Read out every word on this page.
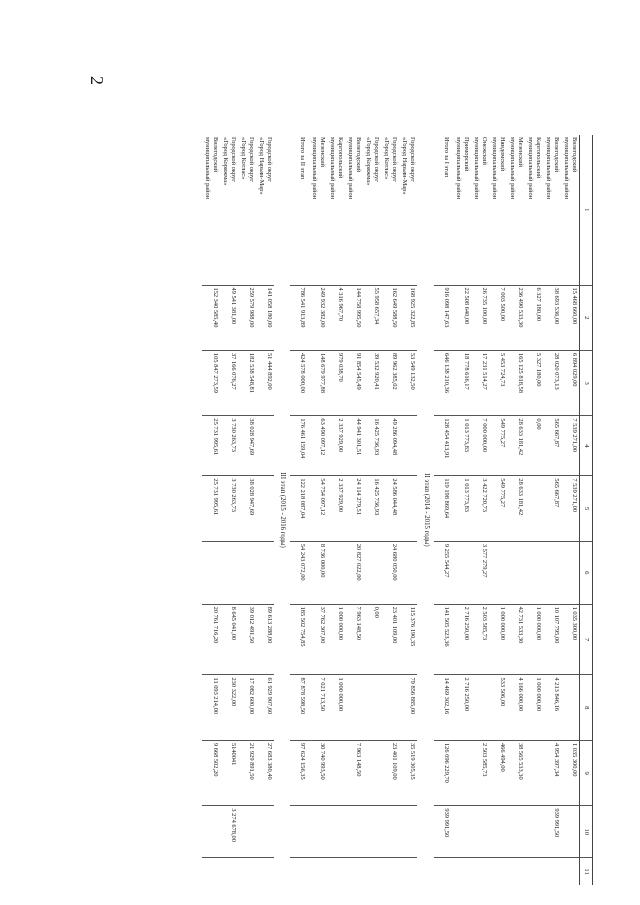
2
1	2	3	4	5	6	7	8	9	10	11
Вилегодский
муниципальный район	15 468 660,00	6 894 029,00	7 539 271,00	7 539 271,00		1 035 300,00		1 035 300,00		
Вилегодский
муниципальный район	38 693 536,00	28 020 073,13	565 667,87	565 667,87		10 107 795,00	4 213 846,16	4 954 397,34	939 991,50	
Каргопольский
муниципальный район	6 327 180,00	5 327 180,00	0,00			1 000 000,00	1 000 000,00			
Мезенский
муниципальный район	236 490 533,30	165 125 818,58	28 633 181,42	28 633 181,42		42 731 533,30	4 166 000,00	38 565 533,30		
Няндомский
муниципальный район	7 003 500,00	5 453 724,73	549 775,27	549 775,27		1 000 000,00	533 506,00	466 494,00		
Онежский
муниципальный район	26 735 100,00	17 231 514,27	7 000 000,00	3 422 720,73	3 577 279,27	2 503 585,73		2 503 585,73		
Приморский
муниципальный район	22 508 640,00	18 778 616,17	1 013 773,83	1 013 773,83		2 716 250,00	2 716 250,00			
Итого за I этап	916 098 147,63	646 138 210,36	128 454 413,91	119 198 869,64	9 255 544,27	141 505 523,36	14 469 302,16	126 096 229,70	939 991,50	
II этап (2014 - 2015 годы)										
Городской округ
«Город Нарьян-Мар»	168 925 322,85	53 549 132,50				115 376 190,35	79 856 885,00	35 519 305,35		
Городской округ
«Город Котлас»	162 649 588,50	89 962 385,02	49 286 094,48	24 586 044,48	24 680 050,00	23 401 109,00		23 401 109,00		
Городской округ
«Город Коряжма»	55 958 657,34	39 532 920,41	16 425 736,93	16 425 736,93		0,00				
Вилегодский
муниципальный район	144 758 995,50	91 854 545,49	44 941 301,51	24 114 279,51	20 827 022,00	7 963 148,50		7 963 148,50		
Каргопольский
муниципальный район	4 316 967,70	979 038,70	2 337 929,00	2 337 929,00		1 000 000,00	1 000 000,00			
Мезенский
муниципальный район	249 932 382,00	148 679 977,88	63 490 097,12	54 754 097,12	8 736 000,00	37 762 307,00	7 021 713,50	30 740 993,50		
Итого за II этап	786 541 913,89	424 578 000,00	176 461 159,04	122 218 087,04	54 243 072,00	185 502 754,85	87 878 598,50	97 624 156,35		
III этап (2015 - 2016 годы)										
Городской округ
«Город Нарьян-Мар»	141 058 180,00	51 444 892,00				89 613 288,00	61 929 907,60	27 683 380,40		
Городской округ
«Город Котлас»	259 579 988,00	182 538 548,81	38 028 947,69	38 028 947,69		39 012 491,50	17 082 600,00	21 929 891,50		
Городской округ
«Город Коряжма»	49 541 381,00	37 166 076,27	3 730 263,73	3 730 263,73		8 645 041,00	230 322,00	5140041	3 274 678,00	
Вилегодский
муниципальный район	152 340 585,40	105 847 273,59	25 731 995,61	25 731 995,61		20 761 716,20	11 093 214,00	9 668 502,20		
